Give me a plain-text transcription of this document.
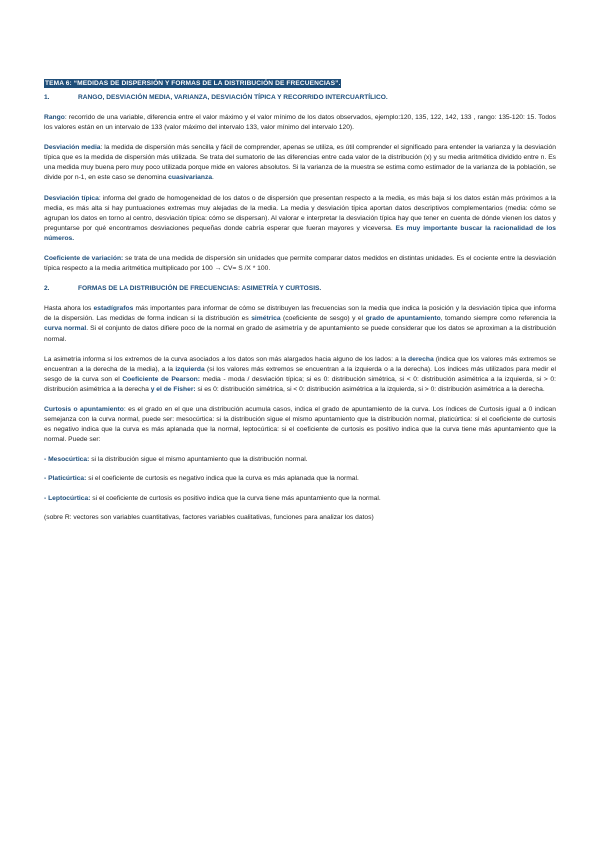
TEMA 6: “MEDIDAS DE DISPERSIÓN Y FORMAS DE LA DISTRIBUCIÓN DE FRECUENCIAS”.
1.	RANGO, DESVIACIÓN MEDIA, VARIANZA, DESVIACIÓN TÍPICA Y RECORRIDO INTERCUARTÍLICO.

Rango: recorrido de una variable, diferencia entre el valor máximo y el valor mínimo de los datos observados, ejemplo:120, 135, 122, 142, 133 , rango: 135-120: 15. Todos los valores están en un intervalo de 133 (valor máximo del intervalo 133, valor mínimo del intervalo 120).

Desviación media: la medida de dispersión más sencilla y fácil de comprender, apenas se utiliza, es útil comprender el significado para entender la varianza y la desviación típica que es la medida de dispersión más utilizada. Se trata del sumatorio de las diferencias entre cada valor de la distribución (x) y su media aritmética dividido entre n. Es una medida muy buena pero muy poco utilizada porque mide en valores absolutos. Si la varianza de la muestra se estima como estimador de la varianza de la población, se divide por n-1, en este caso se denomina cuasivarianza.

Desviación típica: informa del grado de homogeneidad de los datos o de dispersión que presentan respecto a la media, es más baja si los datos están más próximos a la media, es más alta si hay puntuaciones extremas muy alejadas de la media. La media y desviación típica aportan datos descriptivos complementarios (media: cómo se agrupan los datos en torno al centro, desviación típica: cómo se dispersan). Al valorar e interpretar la desviación típica hay que tener en cuenta de dónde vienen los datos y preguntarse por qué encontramos desviaciones pequeñas donde cabría esperar que fueran mayores y viceversa. Es muy importante buscar la racionalidad de los números.

Coeficiente de variación: se trata de una medida de dispersión sin unidades que permite comparar datos medidos en distintas unidades. Es el cociente entre la desviación típica respecto a la media aritmética multiplicado por 100 → CV= S /X * 100.

2.	FORMAS DE LA DISTRIBUCIÓN DE FRECUENCIAS: ASIMETRÍA Y CURTOSIS.

Hasta ahora los estadígrafos más importantes para informar de cómo se distribuyen las frecuencias son la media que indica la posición y la desviación típica que informa de la dispersión. Las medidas de forma indican si la distribución es simétrica (coeficiente de sesgo) y el grado de apuntamiento, tomando siempre como referencia la curva normal. Si el conjunto de datos difiere poco de la normal en grado de asimetría y de apuntamiento se puede considerar que los datos se aproximan a la distribución normal.

La asimetría informa si los extremos de la curva asociados a los datos son más alargados hacia alguno de los lados: a la derecha (indica que los valores más extremos se encuentran a la derecha de la media), a la izquierda (si los valores más extremos se encuentran a la izquierda o a la derecha). Los índices más utilizados para medir el sesgo de la curva son el Coeficiente de Pearson: media - moda / desviación típica; si es 0: distribución simétrica, si < 0: distribución asimétrica a la izquierda, si > 0: distribución asimétrica a la derecha y el de Fisher: si es 0: distribución simétrica, si < 0: distribución asimétrica a la izquierda, si > 0: distribución asimétrica a la derecha.

Curtosis o apuntamiento: es el grado en el que una distribución acumula casos, indica el grado de apuntamiento de la curva. Los índices de Curtosis igual a 0 indican semejanza con la curva normal, puede ser: mesocúrtica: si la distribución sigue el mismo apuntamiento que la distribución normal, platicúrtica: si el coeficiente de curtosis es negativo indica que la curva es más aplanada que la normal, leptocúrtica: si el coeficiente de curtosis es positivo indica que la curva tiene más apuntamiento que la normal. Puede ser:

- Mesocúrtica: si la distribución sigue el mismo apuntamiento que la distribución normal.

- Platicúrtica: si el coeficiente de curtosis es negativo indica que la curva es más aplanada que la normal.

- Leptocúrtica: si el coeficiente de curtosis es positivo indica que la curva tiene más apuntamiento que la normal.

(sobre R: vectores son variables cuantitativas, factores variables cualitativas, funciones para analizar los datos)
